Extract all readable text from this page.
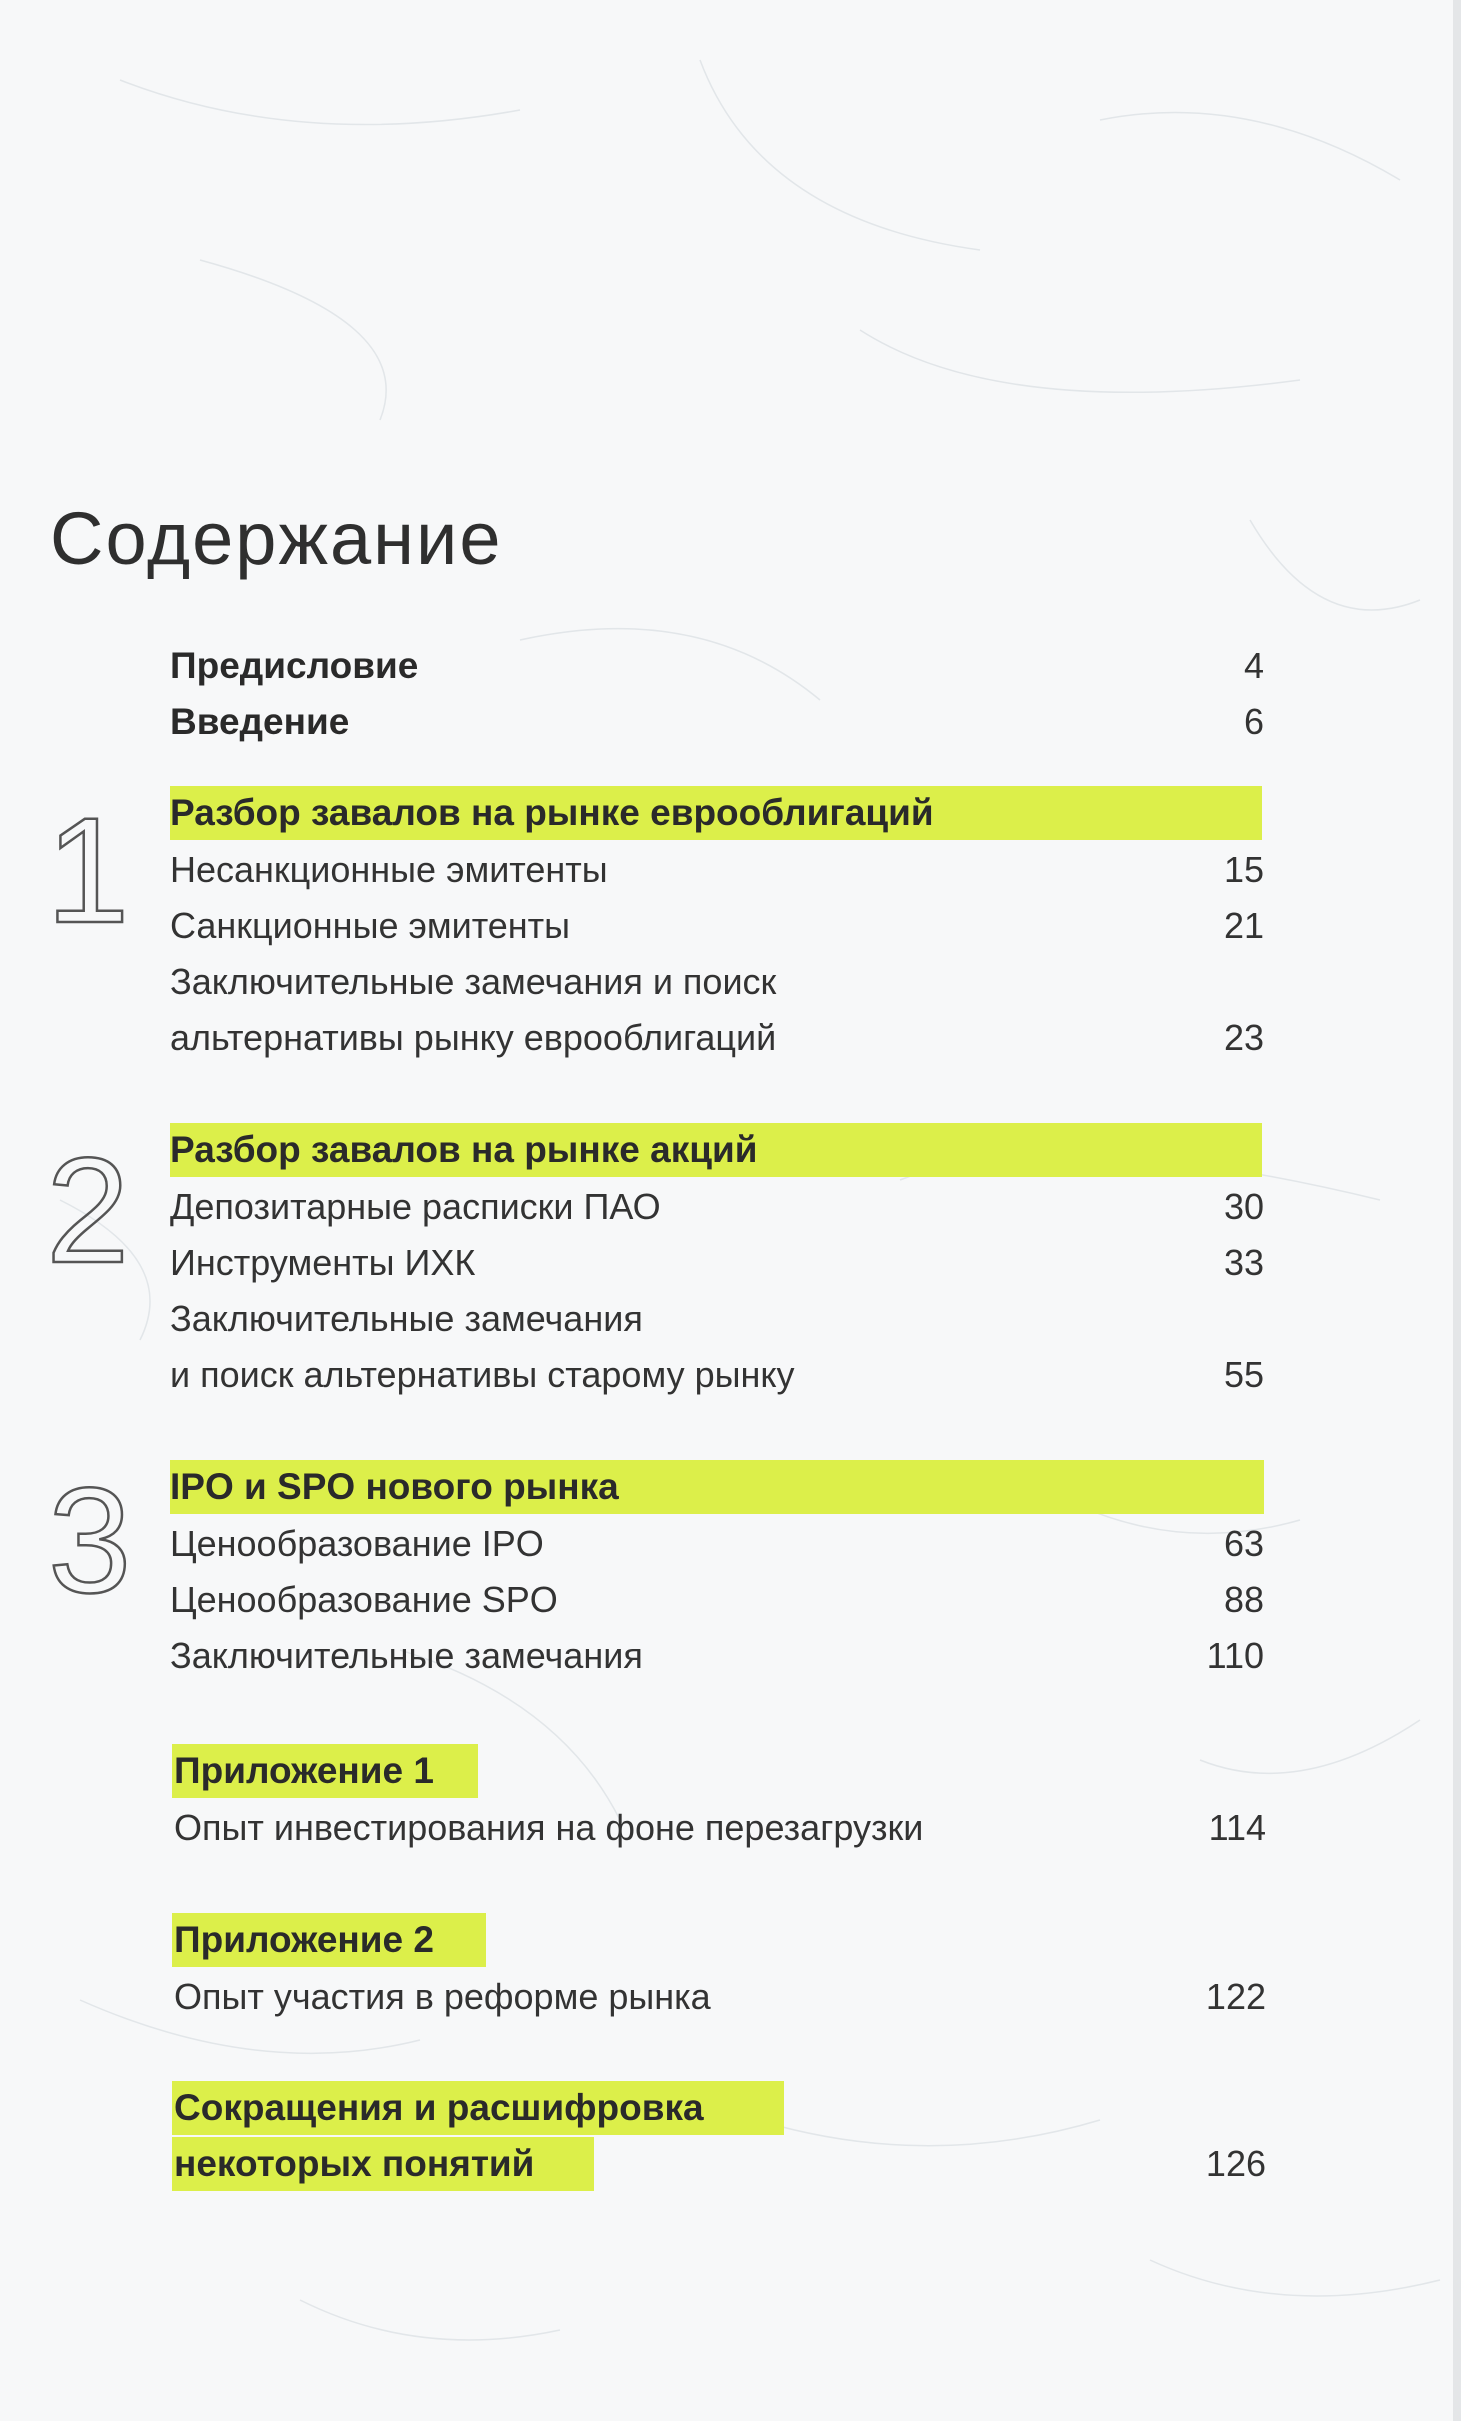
Содержание
Предисловие	4
Введение	6
1 Разбор завалов на рынке еврооблигаций
Несанкционные эмитенты	15
Санкционные эмитенты	21
Заключительные замечания и поиск
альтернативы рынку еврооблигаций	23
2 Разбор завалов на рынке акций
Депозитарные расписки ПАО	30
Инструменты ИХК	33
Заключительные замечания
и поиск альтернативы старому рынку	55
3 IPO и SPO нового рынка
Ценообразование IPO	63
Ценообразование SPO	88
Заключительные замечания	110
Приложение 1
Опыт инвестирования на фоне перезагрузки	114
Приложение 2
Опыт участия в реформе рынка	122
Сокращения и расшифровка
некоторых понятий	126
